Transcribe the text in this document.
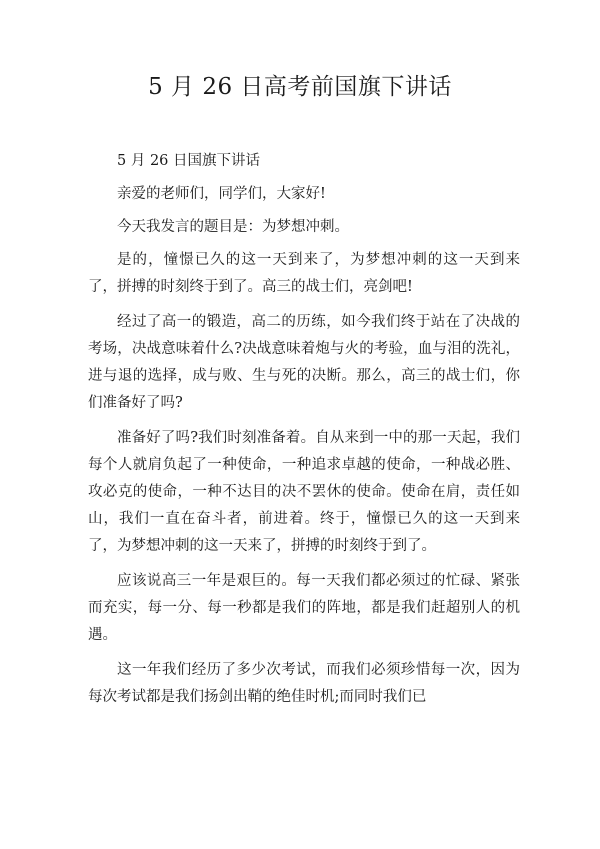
5 月 26 日高考前国旗下讲话

5 月 26 日国旗下讲话

亲爱的老师们，同学们，大家好!

今天我发言的题目是：为梦想冲刺。

是的，憧憬已久的这一天到来了，为梦想冲刺的这一天到来了，拼搏的时刻终于到了。高三的战士们，亮剑吧!

经过了高一的锻造，高二的历练，如今我们终于站在了决战的考场，决战意味着什么?决战意味着炮与火的考验，血与泪的洗礼，进与退的选择，成与败、生与死的决断。那么，高三的战士们，你们准备好了吗?

准备好了吗?我们时刻准备着。自从来到一中的那一天起，我们每个人就肩负起了一种使命，一种追求卓越的使命，一种战必胜、攻必克的使命，一种不达目的决不罢休的使命。使命在肩，责任如山，我们一直在奋斗者，前进着。终于，憧憬已久的这一天到来了，为梦想冲刺的这一天来了，拼搏的时刻终于到了。

应该说高三一年是艰巨的。每一天我们都必须过的忙碌、紧张而充实，每一分、每一秒都是我们的阵地，都是我们赶超别人的机遇。

这一年我们经历了多少次考试，而我们必须珍惜每一次，因为每次考试都是我们扬剑出鞘的绝佳时机;而同时我们已
